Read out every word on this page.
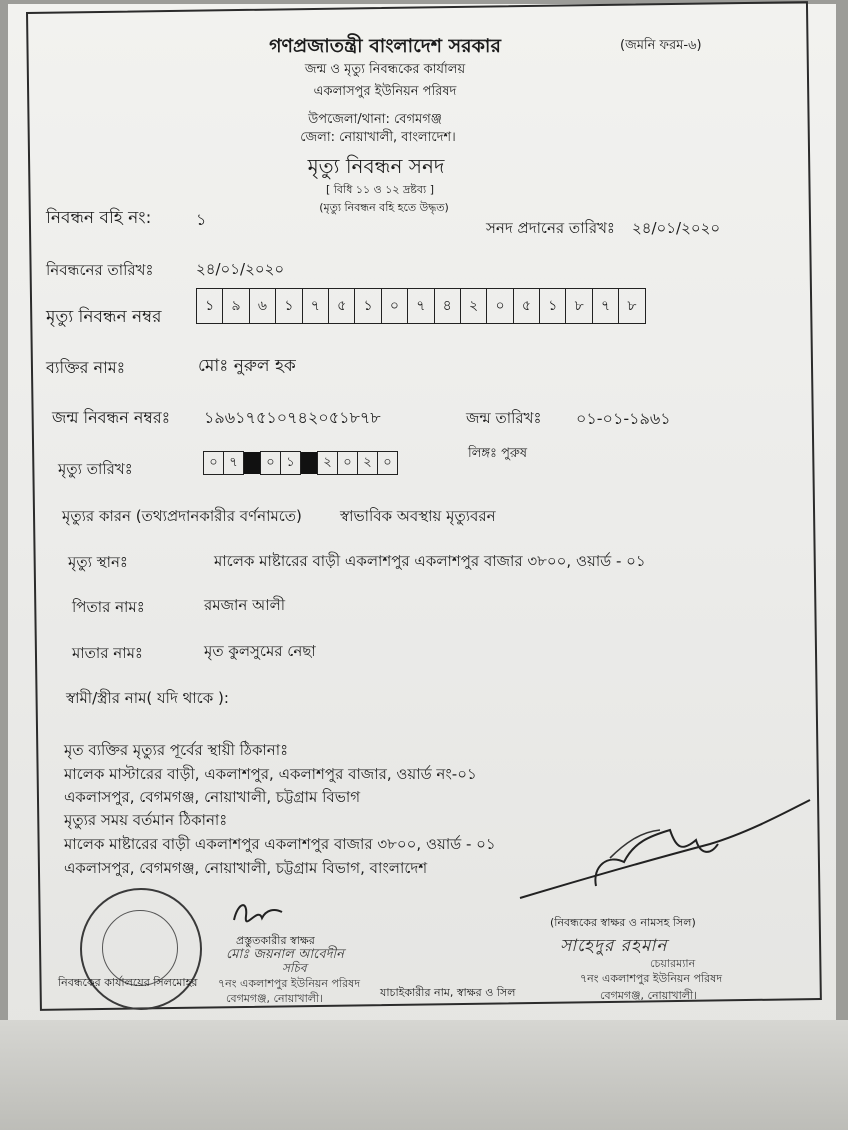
গণপ্রজাতন্ত্রী বাংলাদেশ সরকার	(জমনি ফরম-৬)
জন্ম ও মৃত্যু নিবন্ধকের কার্যালয়
একলাসপুর ইউনিয়ন পরিষদ
উপজেলা/থানা: বেগমগঞ্জ
জেলা: নোয়াখালী, বাংলাদেশ।
মৃত্যু নিবন্ধন সনদ
[ বিধি ১১ ও ১২ দ্রষ্টব্য ]
(মৃত্যু নিবন্ধন বহি হতে উদ্ধৃত)
নিবন্ধন বহি নং:	১	সনদ প্রদানের তারিখঃ ২৪/০১/২০২০
নিবন্ধনের তারিখঃ	২৪/০১/২০২০
মৃত্যু নিবন্ধন নম্বর
১	৯	৬	১	৭	৫	১	০	৭	৪	২	০	৫	১	৮	৭	৮
ব্যক্তির নামঃ	মোঃ নুরুল হক
জন্ম নিবন্ধন নম্বরঃ ১৯৬১৭৫১০৭৪২০৫১৮৭৮	জন্ম তারিখঃ ০১-০১-১৯৬১
লিঙ্গঃ পুরুষ
মৃত্যু তারিখঃ	০ ৭	০ ১	২ ০ ২ ০
মৃত্যুর কারন (তথ্যপ্রদানকারীর বর্ণনামতে)	স্বাভাবিক অবস্থায় মৃত্যুবরন
মৃত্যু স্থানঃ	মালেক মাষ্টারের বাড়ী একলাশপুর একলাশপুর বাজার ৩৮০০, ওয়ার্ড - ০১
পিতার নামঃ	রমজান আলী
মাতার নামঃ	মৃত কুলসুমের নেছা
স্বামী/স্ত্রীর নাম( যদি থাকে ):
মৃত ব্যক্তির মৃত্যুর পূর্বের স্থায়ী ঠিকানাঃ
মালেক মাস্টারের বাড়ী, একলাশপুর, একলাশপুর বাজার, ওয়ার্ড নং-০১
একলাসপুর, বেগমগঞ্জ, নোয়াখালী, চট্টগ্রাম বিভাগ
মৃত্যুর সময় বর্তমান ঠিকানাঃ
মালেক মাষ্টারের বাড়ী একলাশপুর একলাশপুর বাজার ৩৮০০, ওয়ার্ড - ০১
একলাসপুর, বেগমগঞ্জ, নোয়াখালী, চট্টগ্রাম বিভাগ, বাংলাদেশ
প্রস্তুতকারীর স্বাক্ষর
মোঃ জয়নাল আবেদীন
সচিব
৭নং একলাশপুর ইউনিয়ন পরিষদ
বেগমগঞ্জ, নোয়াখালী।
নিবন্ধকের কার্যালয়ের সিলমোহর
যাচাইকারীর নাম, স্বাক্ষর ও সিল
(নিবন্ধকের স্বাক্ষর ও নামসহ সিল)
সাহেদুর রহমান
চেয়ারম্যান
৭নং একলাশপুর ইউনিয়ন পরিষদ
বেগমগঞ্জ, নোয়াখালী।
